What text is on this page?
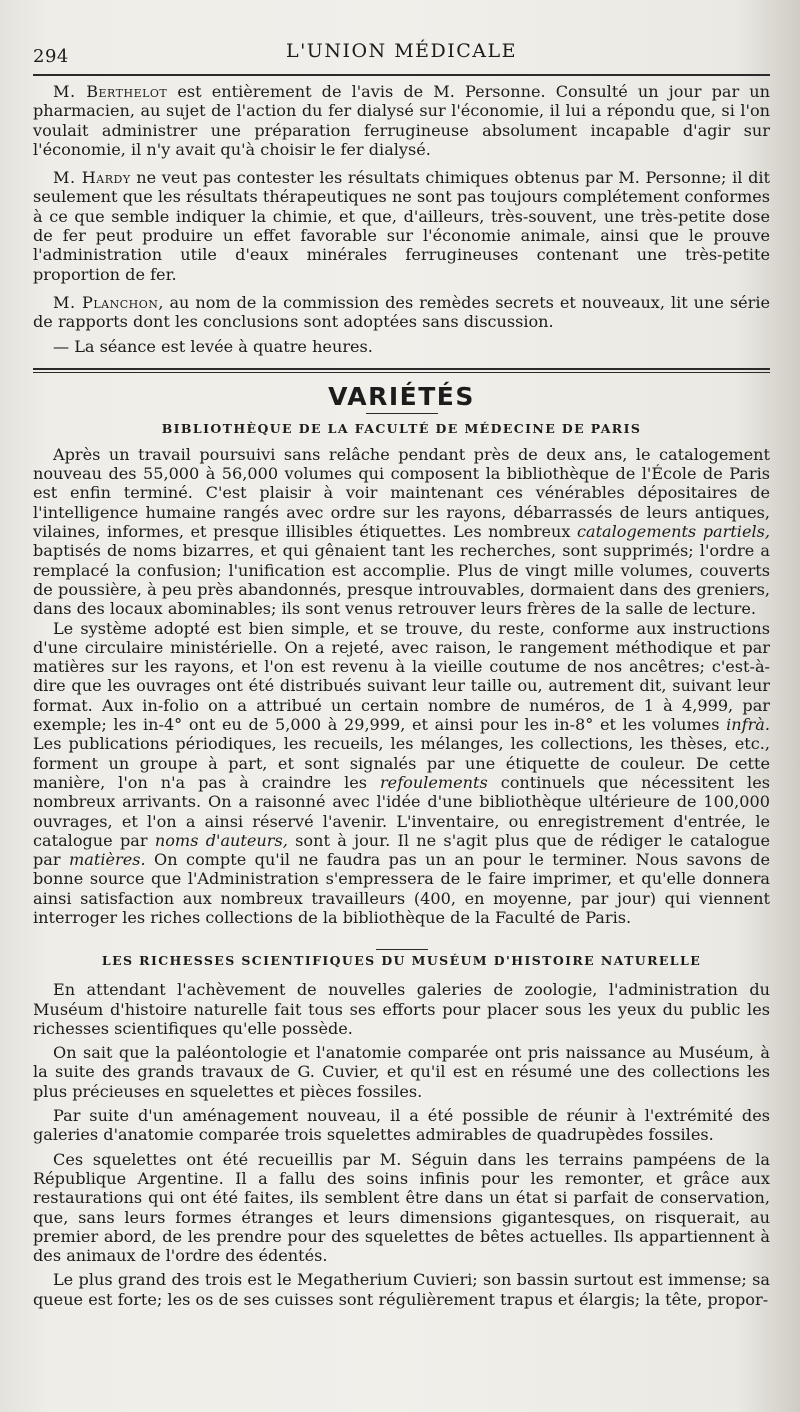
294	L'UNION MÉDICALE

M. Berthelot est entièrement de l'avis de M. Personne. Consulté un jour par un pharmacien, au sujet de l'action du fer dialysé sur l'économie, il lui a répondu que, si l'on voulait administrer une préparation ferrugineuse absolument incapable d'agir sur l'économie, il n'y avait qu'à choisir le fer dialysé.

M. Hardy ne veut pas contester les résultats chimiques obtenus par M. Personne; il dit seulement que les résultats thérapeutiques ne sont pas toujours complétement conformes à ce que semble indiquer la chimie, et que, d'ailleurs, très-souvent, une très-petite dose de fer peut produire un effet favorable sur l'économie animale, ainsi que le prouve l'administration utile d'eaux minérales ferrugineuses contenant une très-petite proportion de fer.

M. Planchon, au nom de la commission des remèdes secrets et nouveaux, lit une série de rapports dont les conclusions sont adoptées sans discussion.

— La séance est levée à quatre heures.

VARIÉTÉS
BIBLIOTHÈQUE DE LA FACULTÉ DE MÉDECINE DE PARIS

Après un travail poursuivi sans relâche pendant près de deux ans, le catalogement nouveau des 55,000 à 56,000 volumes qui composent la bibliothèque de l'École de Paris est enfin terminé. C'est plaisir à voir maintenant ces vénérables dépositaires de l'intelligence humaine rangés avec ordre sur les rayons, débarrassés de leurs antiques, vilaines, informes, et presque illisibles étiquettes. Les nombreux catalogements partiels, baptisés de noms bizarres, et qui gênaient tant les recherches, sont supprimés; l'ordre a remplacé la confusion; l'unification est accomplie. Plus de vingt mille volumes, couverts de poussière, à peu près abandonnés, presque introuvables, dormaient dans des greniers, dans des locaux abominables; ils sont venus retrouver leurs frères de la salle de lecture.

Le système adopté est bien simple, et se trouve, du reste, conforme aux instructions d'une circulaire ministérielle. On a rejeté, avec raison, le rangement méthodique et par matières sur les rayons, et l'on est revenu à la vieille coutume de nos ancêtres; c'est-à-dire que les ouvrages ont été distribués suivant leur taille ou, autrement dit, suivant leur format. Aux in-folio on a attribué un certain nombre de numéros, de 1 à 4,999, par exemple; les in-4° ont eu de 5,000 à 29,999, et ainsi pour les in-8° et les volumes infrà. Les publications périodiques, les recueils, les mélanges, les collections, les thèses, etc., forment un groupe à part, et sont signalés par une étiquette de couleur. De cette manière, l'on n'a pas à craindre les refoulements continuels que nécessitent les nombreux arrivants. On a raisonné avec l'idée d'une bibliothèque ultérieure de 100,000 ouvrages, et l'on a ainsi réservé l'avenir. L'inventaire, ou enregistrement d'entrée, le catalogue par noms d'auteurs, sont à jour. Il ne s'agit plus que de rédiger le catalogue par matières. On compte qu'il ne faudra pas un an pour le terminer. Nous savons de bonne source que l'Administration s'empressera de le faire imprimer, et qu'elle donnera ainsi satisfaction aux nombreux travailleurs (400, en moyenne, par jour) qui viennent interroger les riches collections de la bibliothèque de la Faculté de Paris.

LES RICHESSES SCIENTIFIQUES DU MUSÉUM D'HISTOIRE NATURELLE

En attendant l'achèvement de nouvelles galeries de zoologie, l'administration du Muséum d'histoire naturelle fait tous ses efforts pour placer sous les yeux du public les richesses scientifiques qu'elle possède.

On sait que la paléontologie et l'anatomie comparée ont pris naissance au Muséum, à la suite des grands travaux de G. Cuvier, et qu'il est en résumé une des collections les plus précieuses en squelettes et pièces fossiles.

Par suite d'un aménagement nouveau, il a été possible de réunir à l'extrémité des galeries d'anatomie comparée trois squelettes admirables de quadrupèdes fossiles.

Ces squelettes ont été recueillis par M. Séguin dans les terrains pampéens de la République Argentine. Il a fallu des soins infinis pour les remonter, et grâce aux restaurations qui ont été faites, ils semblent être dans un état si parfait de conservation, que, sans leurs formes étranges et leurs dimensions gigantesques, on risquerait, au premier abord, de les prendre pour des squelettes de bêtes actuelles. Ils appartiennent à des animaux de l'ordre des édentés.

Le plus grand des trois est le Megatherium Cuvieri; son bassin surtout est immense; sa queue est forte; les os de ses cuisses sont régulièrement trapus et élargis; la tête, propor-
